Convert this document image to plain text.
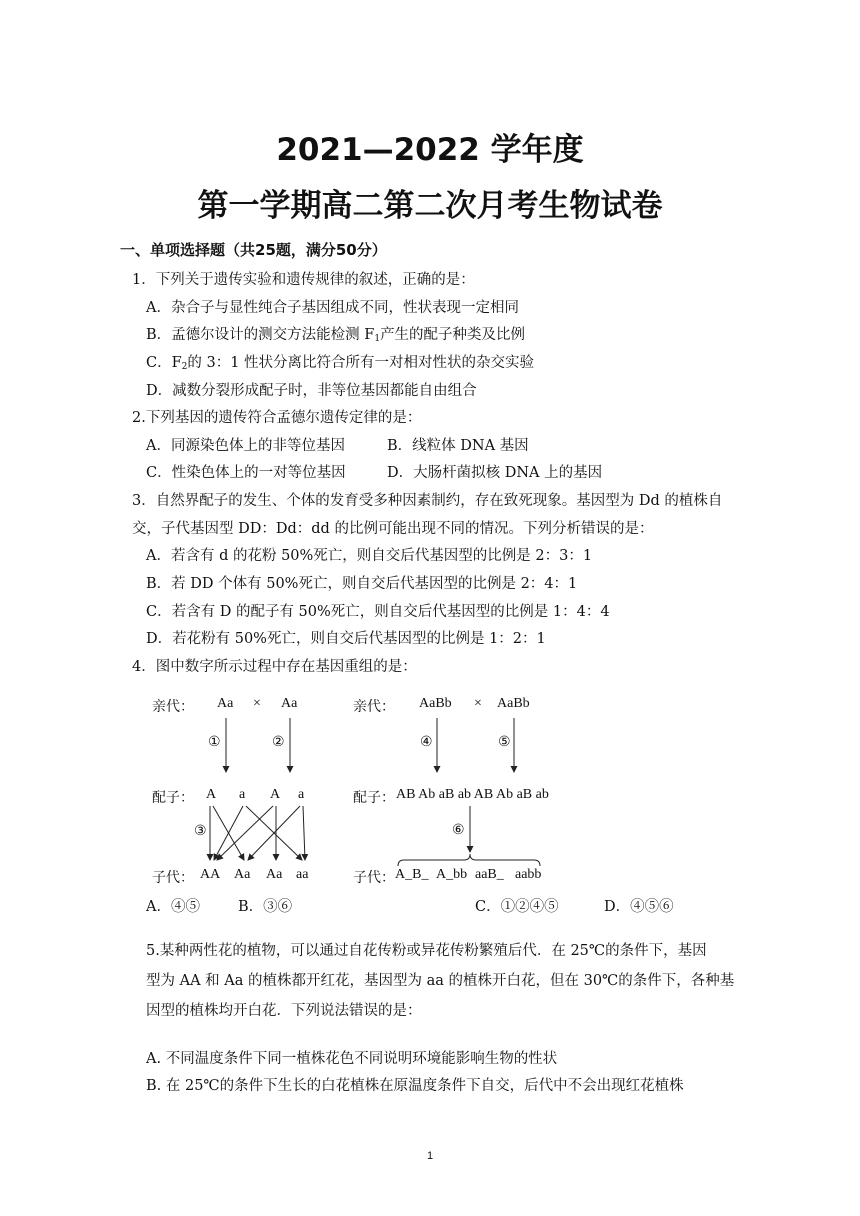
2021—2022 学年度
第一学期高二第二次月考生物试卷
一、单项选择题（共25题，满分50分）
1．下列关于遗传实验和遗传规律的叙述，正确的是：
A．杂合子与显性纯合子基因组成不同，性状表现一定相同
B．孟德尔设计的测交方法能检测 $F_1$产生的配子种类及比例
C．$F_2$的 3：1 性状分离比符合所有一对相对性状的杂交实验
D．减数分裂形成配子时，非等位基因都能自由组合
2.下列基因的遗传符合孟德尔遗传定律的是：
A．同源染色体上的非等位基因	B．线粒体 DNA 基因
C．性染色体上的一对等位基因	D．大肠杆菌拟核 DNA 上的基因
3．自然界配子的发生、个体的发育受多种因素制约，存在致死现象。基因型为 Dd 的植株自
交，子代基因型 DD：Dd：dd 的比例可能出现不同的情况。下列分析错误的是：
A．若含有 d 的花粉 50%死亡，则自交后代基因型的比例是 2：3：1
B．若 DD 个体有 50%死亡，则自交后代基因型的比例是 2：4：1
C．若含有 D 的配子有 50%死亡，则自交后代基因型的比例是 1：4：4
D．若花粉有 50%死亡，则自交后代基因型的比例是 1：2：1
4．图中数字所示过程中存在基因重组的是：
亲代： Aa × Aa
①	②
配子： A a A a
③
子代： AA Aa Aa aa
亲代： AaBb × AaBb
④	⑤
配子： AB Ab aB ab AB Ab aB ab
⑥
子代： A_B_ A_bb aaB_ aabb
A．④⑤	B．③⑥	C．①②④⑤	D．④⑤⑥
5.某种两性花的植物，可以通过自花传粉或异花传粉繁殖后代．在 25℃的条件下，基因
型为 AA 和 Aa 的植株都开红花，基因型为 aa 的植株开白花，但在 30℃的条件下，各种基
因型的植株均开白花．下列说法错误的是：
A. 不同温度条件下同一植株花色不同说明环境能影响生物的性状
B. 在 25℃的条件下生长的白花植株在原温度条件下自交，后代中不会出现红花植株
1
